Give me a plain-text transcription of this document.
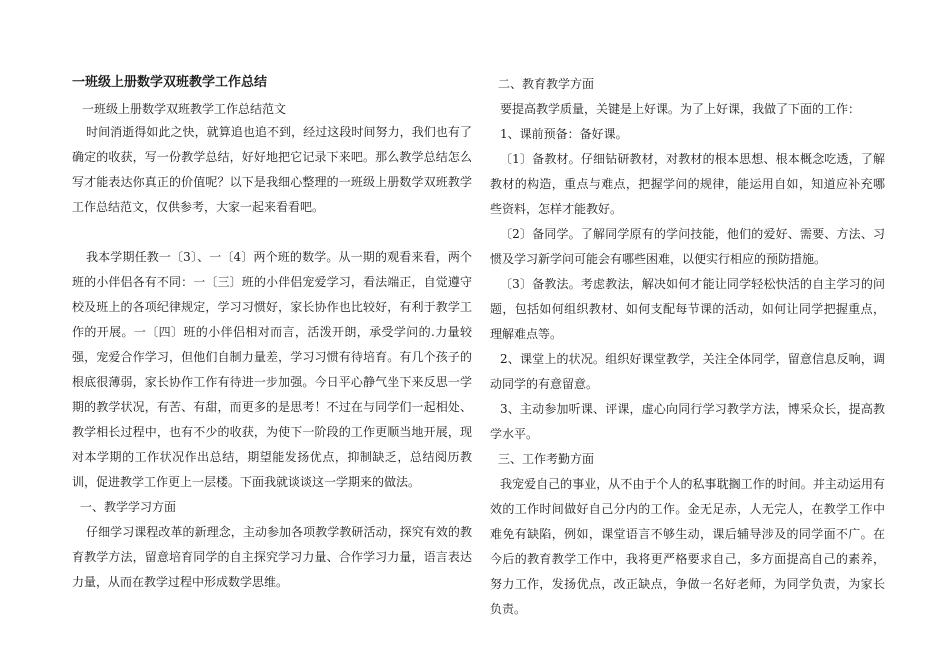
一班级上册数学双班教学工作总结
一班级上册数学双班教学工作总结范文
时间消逝得如此之快，就算追也追不到，经过这段时间努力，我们也有了确定的收获，写一份教学总结，好好地把它记录下来吧。那么教学总结怎么写才能表达你真正的价值呢？以下是我细心整理的一班级上册数学双班教学工作总结范文，仅供参考，大家一起来看看吧。
我本学期任教一〔3〕、一〔4〕两个班的数学。从一期的观看来看，两个班的小伴侣各有不同：一〔三〕班的小伴侣宠爱学习，看法端正，自觉遵守校及班上的各项纪律规定，学习习惯好，家长协作也比较好，有利于教学工作的开展。一〔四〕班的小伴侣相对而言，活泼开朗，承受学问的.力量较强，宠爱合作学习，但他们自制力量差，学习习惯有待培育。有几个孩子的根底很薄弱，家长协作工作有待进一步加强。今日平心静气坐下来反思一学期的教学状况，有苦、有甜，而更多的是思考！不过在与同学们一起相处、教学相长过程中，也有不少的收获，为使下一阶段的工作更顺当地开展，现对本学期的工作状况作出总结，期望能发扬优点，抑制缺乏，总结阅历教训，促进教学工作更上一层楼。下面我就谈谈这一学期来的做法。
一、教学学习方面
仔细学习课程改革的新理念，主动参加各项教学教研活动，探究有效的教育教学方法，留意培育同学的自主探究学习力量、合作学习力量，语言表达力量，从而在教学过程中形成数学思维。
二、教育教学方面
要提高教学质量，关键是上好课。为了上好课，我做了下面的工作：
1、课前预备：备好课。
〔1〕备教材。仔细钻研教材，对教材的根本思想、根本概念吃透，了解教材的构造，重点与难点，把握学问的规律，能运用自如，知道应补充哪些资料，怎样才能教好。
〔2〕备同学。了解同学原有的学问技能，他们的爱好、需要、方法、习惯及学习新学问可能会有哪些困难，以便实行相应的预防措施。
〔3〕备教法。考虑教法，解决如何才能让同学轻松快活的自主学习的问题，包括如何组织教材、如何支配每节课的活动，如何让同学把握重点，理解难点等。
2、课堂上的状况。组织好课堂教学，关注全体同学，留意信息反响，调动同学的有意留意。
3、主动参加听课、评课，虚心向同行学习教学方法，博采众长，提高教学水平。
三、工作考勤方面
我宠爱自己的事业，从不由于个人的私事耽搁工作的时间。并主动运用有效的工作时间做好自己分内的工作。金无足赤，人无完人，在教学工作中难免有缺陷，例如，课堂语言不够生动，课后辅导涉及的同学面不广。在今后的教育教学工作中，我将更严格要求自己，多方面提高自己的素养，努力工作，发扬优点，改正缺点，争做一名好老师，为同学负责，为家长负责。
